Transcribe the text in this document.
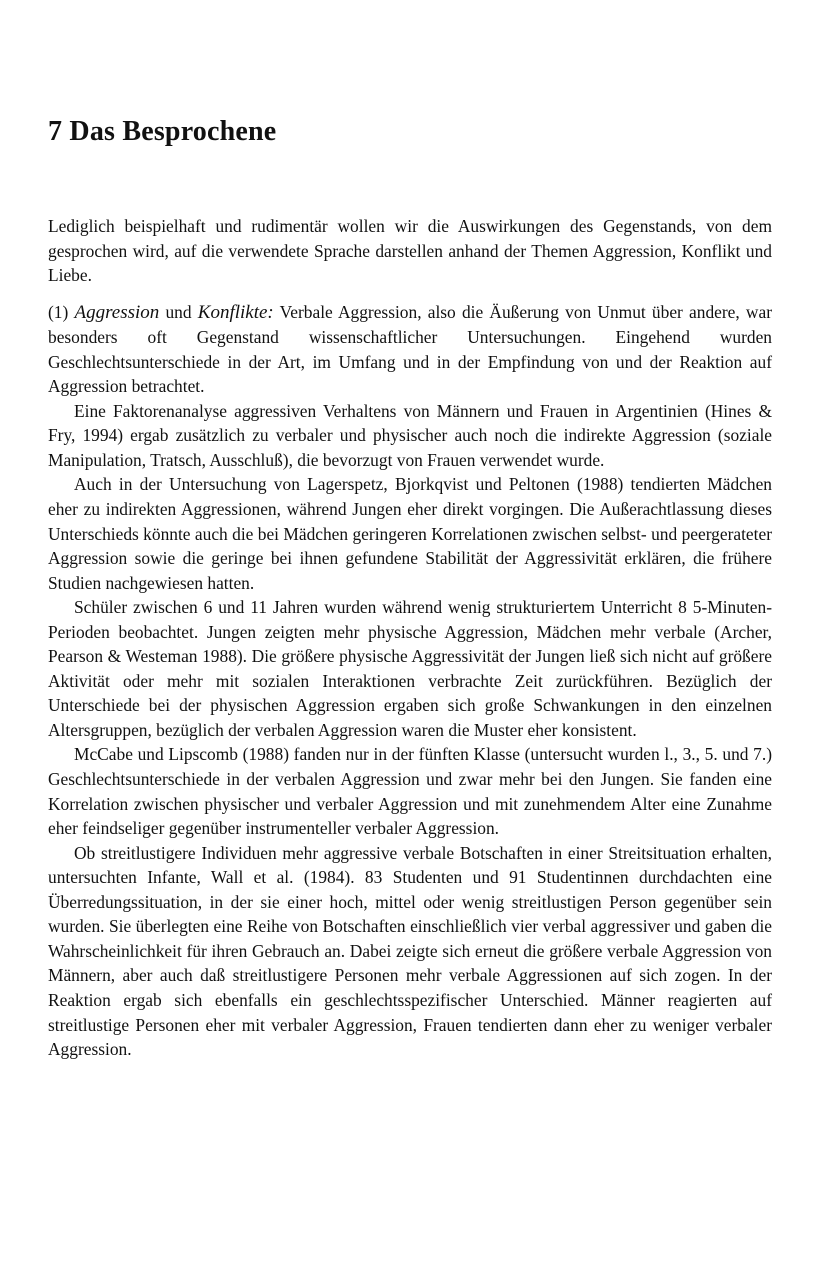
7 Das Besprochene

Lediglich beispielhaft und rudimentär wollen wir die Auswirkungen des Gegenstands, von dem gesprochen wird, auf die verwendete Sprache darstellen anhand der Themen Aggression, Konflikt und Liebe.

(1) Aggression und Konflikte: Verbale Aggression, also die Äußerung von Unmut über andere, war besonders oft Gegenstand wissenschaftlicher Untersuchungen. Eingehend wurden Geschlechtsunterschiede in der Art, im Umfang und in der Empfindung von und der Reaktion auf Aggression betrachtet.

Eine Faktorenanalyse aggressiven Verhaltens von Männern und Frauen in Argentinien (Hines & Fry, 1994) ergab zusätzlich zu verbaler und physischer auch noch die indirekte Aggression (soziale Manipulation, Tratsch, Ausschluß), die bevorzugt von Frauen verwendet wurde.

Auch in der Untersuchung von Lagerspetz, Bjorkqvist und Peltonen (1988) tendierten Mädchen eher zu indirekten Aggressionen, während Jungen eher direkt vorgingen. Die Außerachtlassung dieses Unterschieds könnte auch die bei Mädchen geringeren Korrelationen zwischen selbst- und peergerateter Aggression sowie die geringe bei ihnen gefundene Stabilität der Aggressivität erklären, die frühere Studien nachgewiesen hatten.

Schüler zwischen 6 und 11 Jahren wurden während wenig strukturiertem Unterricht 8 5-Minuten-Perioden beobachtet. Jungen zeigten mehr physische Aggression, Mädchen mehr verbale (Archer, Pearson & Westeman 1988). Die größere physische Aggressivität der Jungen ließ sich nicht auf größere Aktivität oder mehr mit sozialen Interaktionen verbrachte Zeit zurückführen. Bezüglich der Unterschiede bei der physischen Aggression ergaben sich große Schwankungen in den einzelnen Altersgruppen, bezüglich der verbalen Aggression waren die Muster eher konsistent.

McCabe und Lipscomb (1988) fanden nur in der fünften Klasse (untersucht wurden l., 3., 5. und 7.) Geschlechtsunterschiede in der verbalen Aggression und zwar mehr bei den Jungen. Sie fanden eine Korrelation zwischen physischer und verbaler Aggression und mit zunehmendem Alter eine Zunahme eher feindseliger gegenüber instrumenteller verbaler Aggression.

Ob streitlustigere Individuen mehr aggressive verbale Botschaften in einer Streitsituation erhalten, untersuchten Infante, Wall et al. (1984). 83 Studenten und 91 Studentinnen durchdachten eine Überredungssituation, in der sie einer hoch, mittel oder wenig streitlustigen Person gegenüber sein wurden. Sie überlegten eine Reihe von Botschaften einschließlich vier verbal aggressiver und gaben die Wahrscheinlichkeit für ihren Gebrauch an. Dabei zeigte sich erneut die größere verbale Aggression von Männern, aber auch daß streitlustigere Personen mehr verbale Aggressionen auf sich zogen. In der Reaktion ergab sich ebenfalls ein geschlechtsspezifischer Unterschied. Männer reagierten auf streitlustige Personen eher mit verbaler Aggression, Frauen tendierten dann eher zu weniger verbaler Aggression.
